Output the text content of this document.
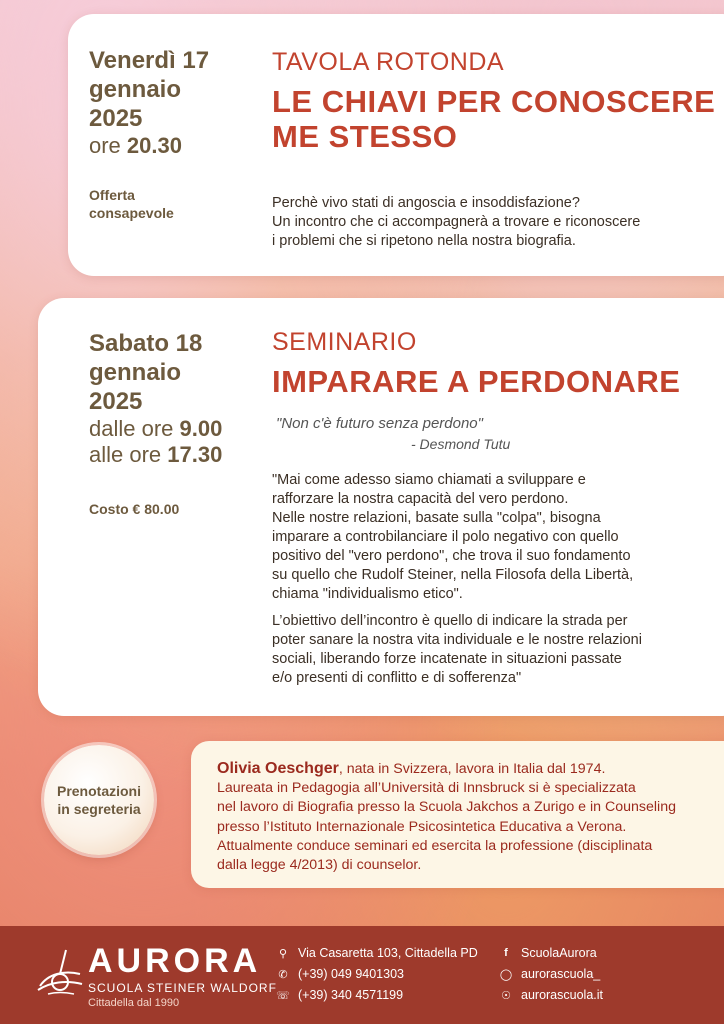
Venerdì 17
gennaio
2025
ore 20.30
Offerta
consapevole
TAVOLA ROTONDA
LE CHIAVI PER CONOSCERE
ME STESSO
Perchè vivo stati di angoscia e insoddisfazione?
Un incontro che ci accompagnerà a trovare e riconoscere
i problemi che si ripetono nella nostra biografia.
Sabato 18
gennaio
2025
dalle ore 9.00
alle ore 17.30
Costo € 80.00
SEMINARIO
IMPARARE A PERDONARE
"Non c'è futuro senza perdono"
- Desmond Tutu
"Mai come adesso siamo chiamati a sviluppare e
rafforzare la nostra capacità del vero perdono.
Nelle nostre relazioni, basate sulla "colpa", bisogna
imparare a controbilanciare il polo negativo con quello
positivo del "vero perdono", che trova il suo fondamento
su quello che Rudolf Steiner, nella Filosofa della Libertà,
chiama "individualismo etico".
L’obiettivo dell’incontro è quello di indicare la strada per
poter sanare la nostra vita individuale e le nostre relazioni
sociali, liberando forze incatenate in situazioni passate
e/o presenti di conflitto e di sofferenza"
Prenotazioni
in segreteria
Olivia Oeschger, nata in Svizzera, lavora in Italia dal 1974.
Laureata in Pedagogia all’Università di Innsbruck si è specializzata
nel lavoro di Biografia presso la Scuola Jakchos a Zurigo e in Counseling
presso l’Istituto Internazionale Psicosintetica Educativa a Verona.
Attualmente conduce seminari ed esercita la professione (disciplinata
dalla legge 4/2013) di counselor.
AURORA
SCUOLA STEINER WALDORF
Cittadella dal 1990
⚲ Via Casaretta 103, Cittadella PD
✆ (+39) 049 9401303
☏ (+39) 340 4571199
f	ScuolaAurora
◯ aurorascuola_
☉ aurorascuola.it
